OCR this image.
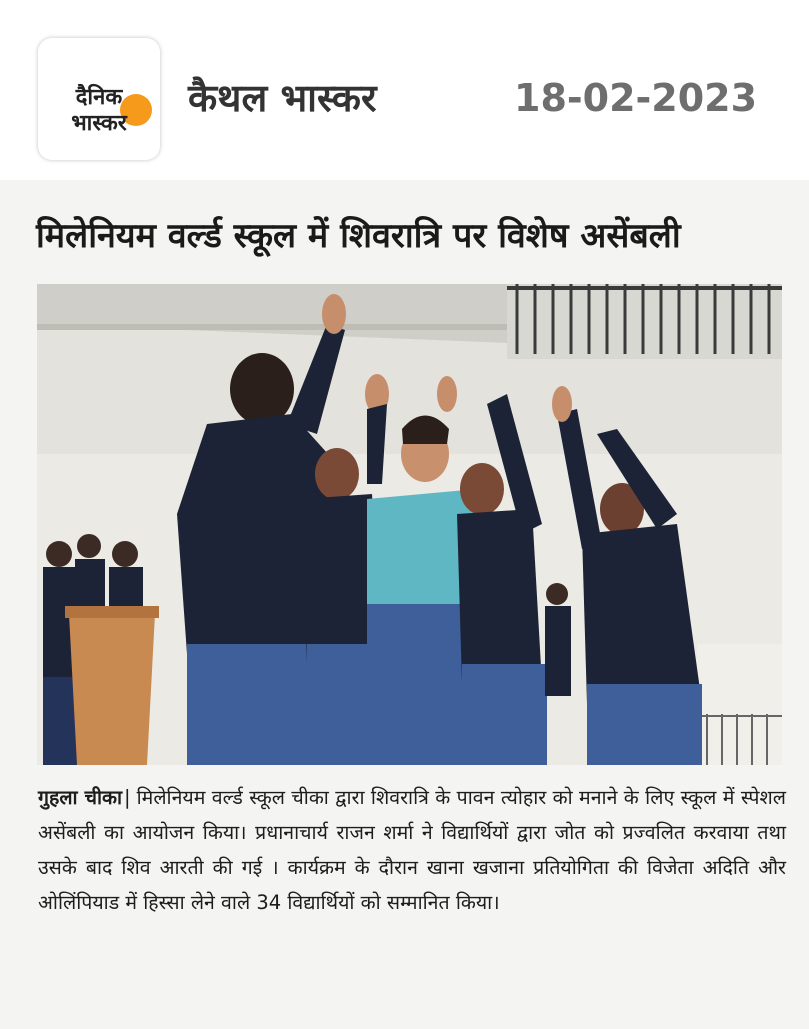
दैनिक
भास्कर
कैथल भास्कर	18-02-2023
मिलेनियम वर्ल्ड स्कूल में शिवरात्रि पर विशेष असेंबली
गुहला चीका | मिलेनियम वर्ल्ड स्कूल चीका द्वारा शिवरात्रि के पावन त्योहार को मनाने के लिए स्कूल में स्पेशल असेंबली का आयोजन किया। प्रधानाचार्य राजन शर्मा ने विद्यार्थियों द्वारा जोत को प्रज्वलित करवाया तथा उसके बाद शिव आरती की गई । कार्यक्रम के दौरान खाना खजाना प्रतियोगिता की विजेता अदिति और ओलिंपियाड में हिस्सा लेने वाले 34 विद्यार्थियों को सम्मानित किया।
